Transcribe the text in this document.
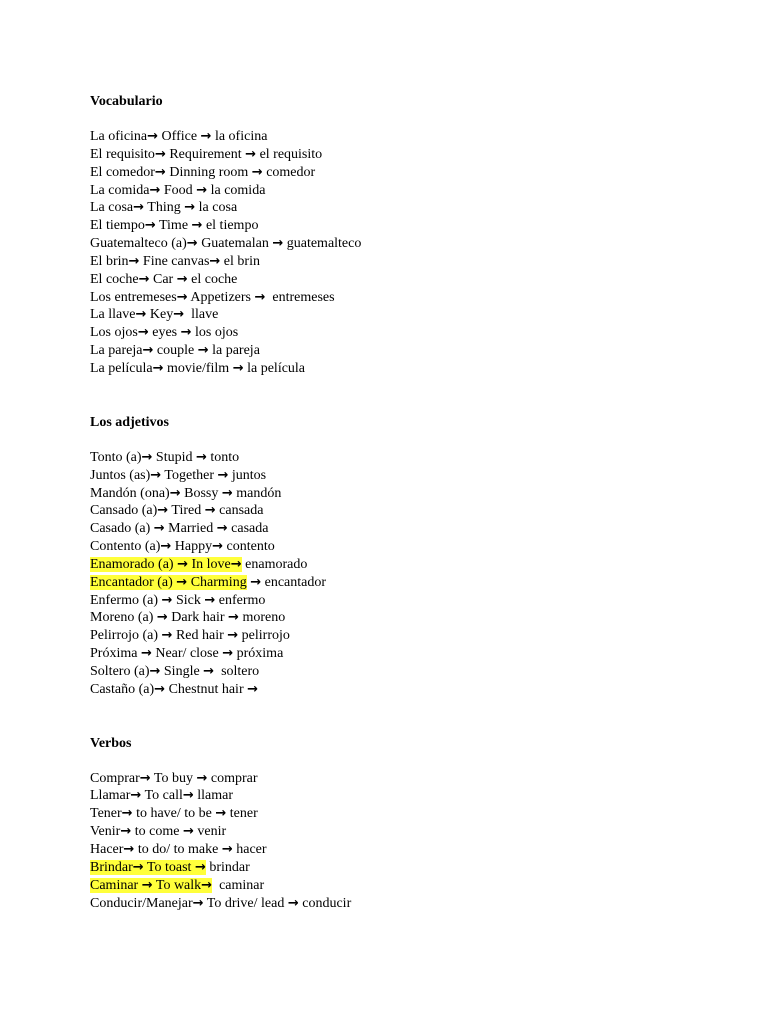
Vocabulario
La oficina→ Office → la oficina
El requisito→ Requirement → el requisito
El comedor→ Dinning room → comedor
La comida→ Food → la comida
La cosa→ Thing → la cosa
El tiempo→ Time → el tiempo
Guatemalteco (a)→ Guatemalan → guatemalteco
El brin→ Fine canvas→ el brin
El coche→ Car → el coche
Los entremeses→ Appetizers →  entremeses
La llave→ Key→  llave
Los ojos→ eyes → los ojos
La pareja→ couple → la pareja
La película→ movie/film → la película
Los adjetivos
Tonto (a)→ Stupid → tonto
Juntos (as)→ Together → juntos
Mandón (ona)→ Bossy → mandón
Cansado (a)→ Tired → cansada
Casado (a) → Married → casada
Contento (a)→ Happy→ contento
Enamorado (a) → In love→ enamorado
Encantador (a) → Charming → encantador
Enfermo (a) → Sick → enfermo
Moreno (a) → Dark hair → moreno
Pelirrojo (a) → Red hair → pelirrojo
Próxima → Near/ close → próxima
Soltero (a)→ Single →  soltero
Castaño (a)→ Chestnut hair →
Verbos
Comprar→ To buy → comprar
Llamar→ To call→ llamar
Tener→ to have/ to be → tener
Venir→ to come → venir
Hacer→ to do/ to make → hacer
Brindar→ To toast → brindar
Caminar → To walk→  caminar
Conducir/Manejar→ To drive/ lead → conducir
